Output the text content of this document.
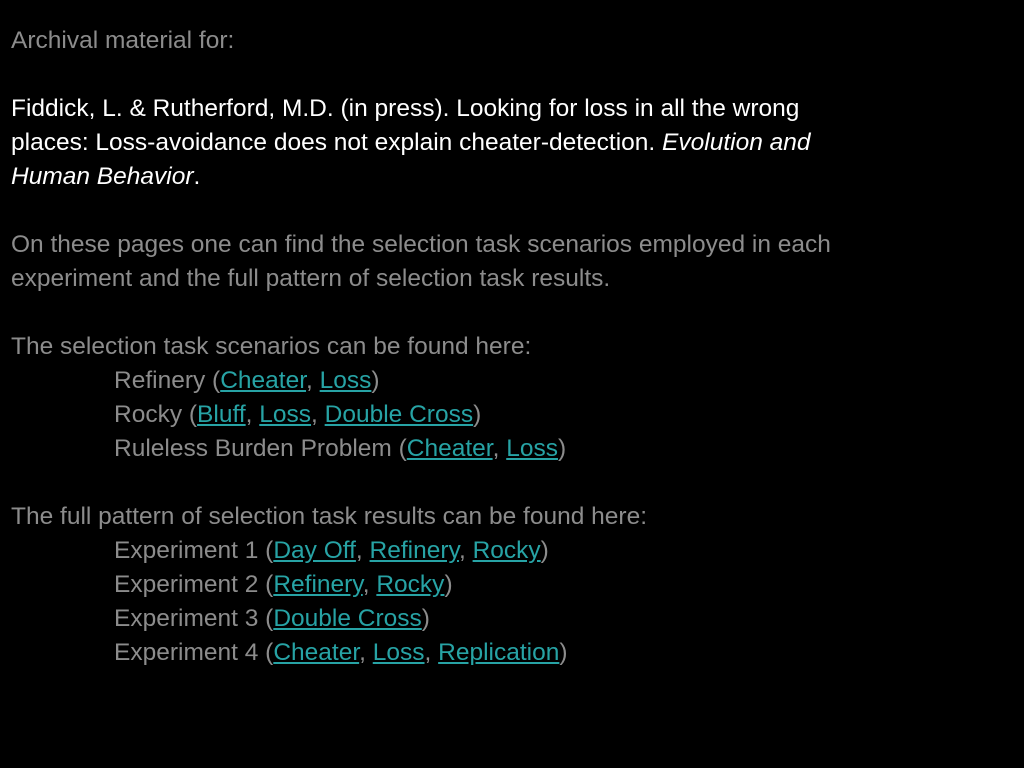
Archival material for:
Fiddick, L. & Rutherford, M.D. (in press). Looking for loss in all the wrong
places: Loss-avoidance does not explain cheater-detection. Evolution and
Human Behavior.
On these pages one can find the selection task scenarios employed in each
experiment and the full pattern of selection task results.
The selection task scenarios can be found here:
Refinery (Cheater, Loss)
Rocky (Bluff, Loss, Double Cross)
Ruleless Burden Problem (Cheater, Loss)
The full pattern of selection task results can be found here:
Experiment 1 (Day Off, Refinery, Rocky)
Experiment 2 (Refinery, Rocky)
Experiment 3 (Double Cross)
Experiment 4 (Cheater, Loss, Replication)
